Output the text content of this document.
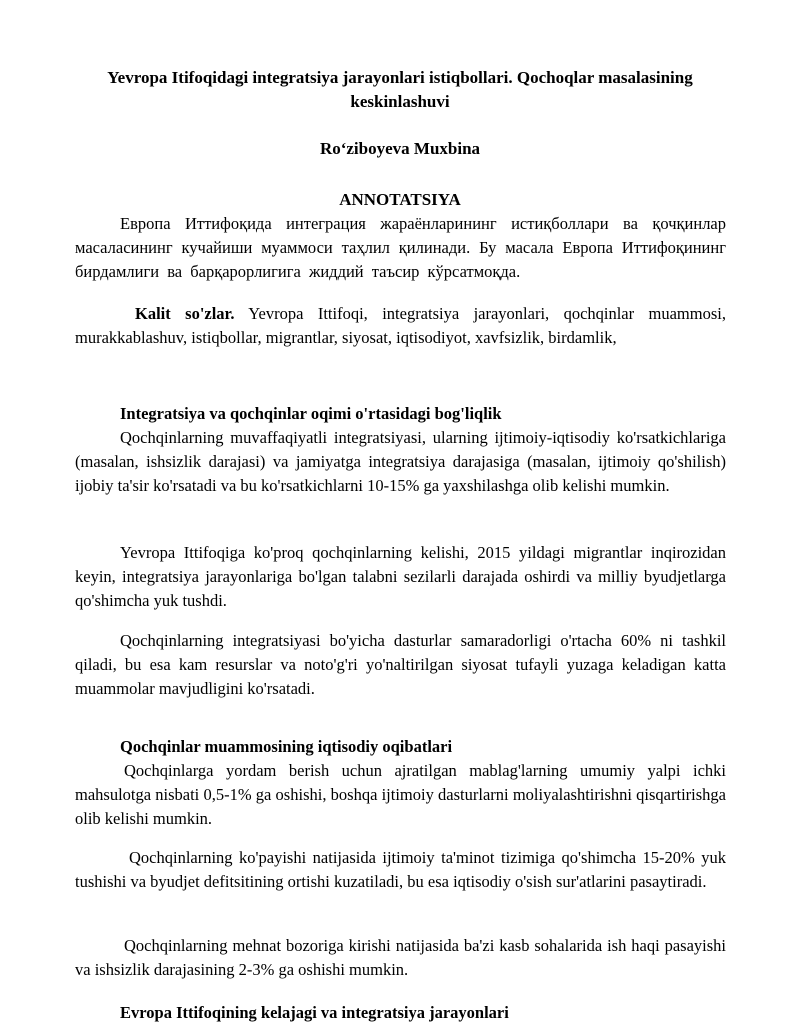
Yevropa Itifoqidagi integratsiya jarayonlari istiqbollari. Qochoqlar masalasining keskinlashuvi
Ro‘ziboyeva Muxbina
ANNOTATSIYA

Европа Иттифоқида интеграция жараёнларининг истиқболлари ва қочқинлар масаласининг кучайиши муаммоси таҳлил қилинади. Бу масала Европа Иттифоқининг бирдамлиги ва барқарорлигига жиддий таъсир кўрсатмоқда.

Kalit so'zlar. Yevropa Ittifoqi, integratsiya jarayonlari, qochqinlar muammosi, murakkablashuv, istiqbollar, migrantlar, siyosat, iqtisodiyot, xavfsizlik, birdamlik,

Integratsiya va qochqinlar oqimi o'rtasidagi bog'liqlik

Qochqinlarning muvaffaqiyatli integratsiyasi, ularning ijtimoiy-iqtisodiy ko'rsatkichlariga (masalan, ishsizlik darajasi) va jamiyatga integratsiya darajasiga (masalan, ijtimoiy qo'shilish) ijobiy ta'sir ko'rsatadi va bu ko'rsatkichlarni 10-15% ga yaxshilashga olib kelishi mumkin.

Yevropa Ittifoqiga ko'proq qochqinlarning kelishi, 2015 yildagi migrantlar inqirozidan keyin, integratsiya jarayonlariga bo'lgan talabni sezilarli darajada oshirdi va milliy byudjetlarga qo'shimcha yuk tushdi.

Qochqinlarning integratsiyasi bo'yicha dasturlar samaradorligi o'rtacha 60% ni tashkil qiladi, bu esa kam resurslar va noto'g'ri yo'naltirilgan siyosat tufayli yuzaga keladigan katta muammolar mavjudligini ko'rsatadi.

Qochqinlar muammosining iqtisodiy oqibatlari

Qochqinlarga yordam berish uchun ajratilgan mablag'larning umumiy yalpi ichki mahsulotga nisbati 0,5-1% ga oshishi, boshqa ijtimoiy dasturlarni moliyalashtirishni qisqartirishga olib kelishi mumkin.

Qochqinlarning ko'payishi natijasida ijtimoiy ta'minot tizimiga qo'shimcha 15-20% yuk tushishi va byudjet defitsitining ortishi kuzatiladi, bu esa iqtisodiy o'sish sur'atlarini pasaytiradi.

Qochqinlarning mehnat bozoriga kirishi natijasida ba'zi kasb sohalarida ish haqi pasayishi va ishsizlik darajasining 2-3% ga oshishi mumkin.

Evropa Ittifoqining kelajagi va integratsiya jarayonlari
